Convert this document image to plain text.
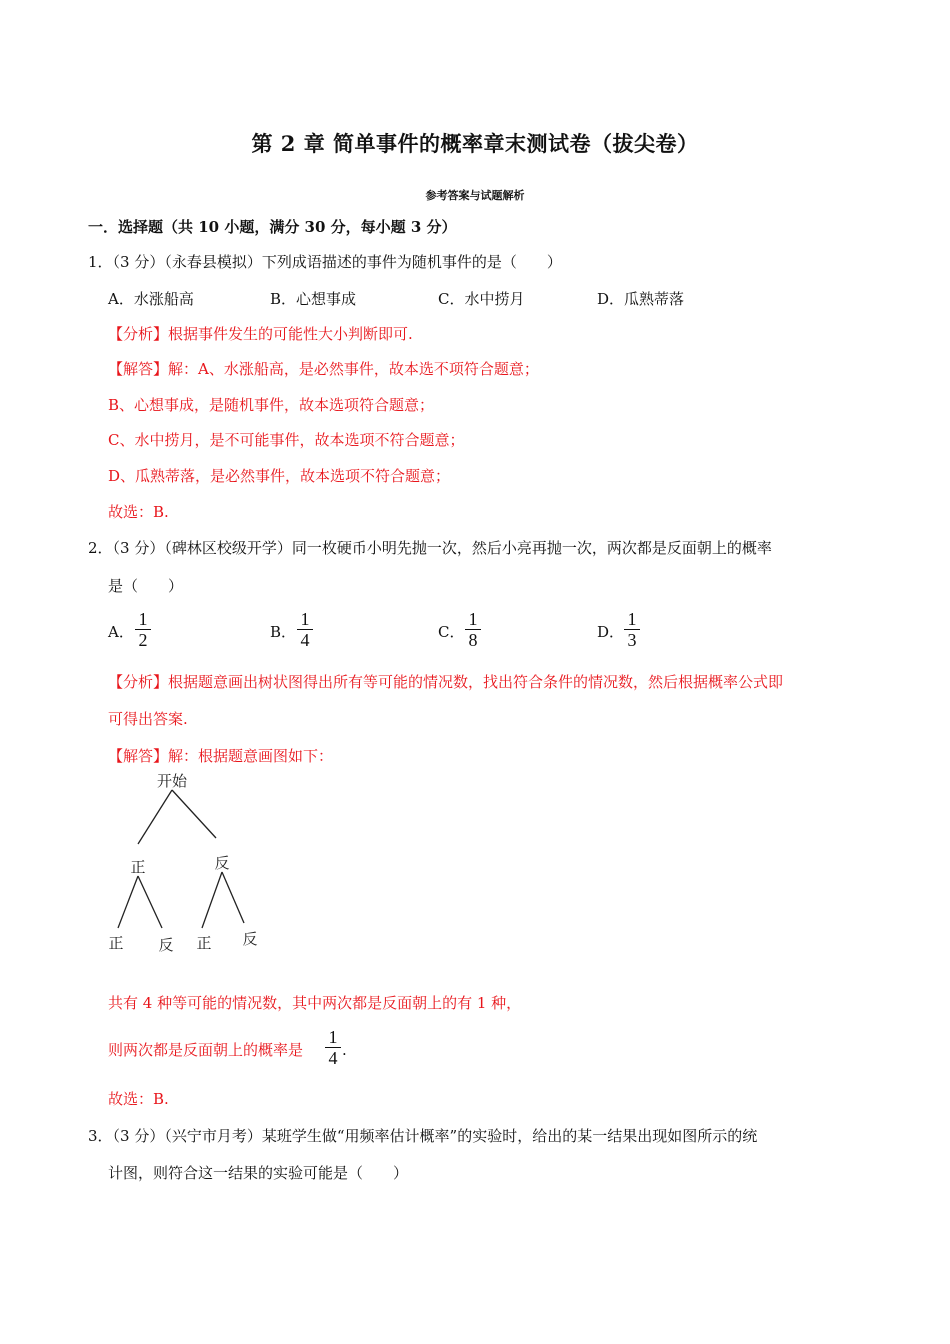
第 2 章 简单事件的概率章末测试卷（拔尖卷）
参考答案与试题解析
一．选择题（共 10 小题，满分 30 分，每小题 3 分）
1．（3 分）（永春县模拟）下列成语描述的事件为随机事件的是（　　）
A．水涨船高	B．心想事成	C．水中捞月	D．瓜熟蒂落
【分析】根据事件发生的可能性大小判断即可.
【解答】解：A、水涨船高，是必然事件，故本选不项符合题意；
B、心想事成，是随机事件，故本选项符合题意；
C、水中捞月，是不可能事件，故本选项不符合题意；
D、瓜熟蒂落，是必然事件，故本选项不符合题意；
故选：B.
2．（3 分）（碑林区校级开学）同一枚硬币小明先抛一次，然后小亮再抛一次，两次都是反面朝上的概率
是（　　）
A．
1
2	B．
1
4	C．
1
8	D．
1
3
【分析】根据题意画出树状图得出所有等可能的情况数，找出符合条件的情况数，然后根据概率公式即
可得出答案.
【解答】解：根据题意画图如下：
开始
正	反
正 反 正 反
共有 4 种等可能的情况数，其中两次都是反面朝上的有 1 种，
则两次都是反面朝上的概率是
1
4 .
故选：B.
3．（3 分）（兴宁市月考）某班学生做“用频率估计概率”的实验时，给出的某一结果出现如图所示的统
计图，则符合这一结果的实验可能是（　　）
